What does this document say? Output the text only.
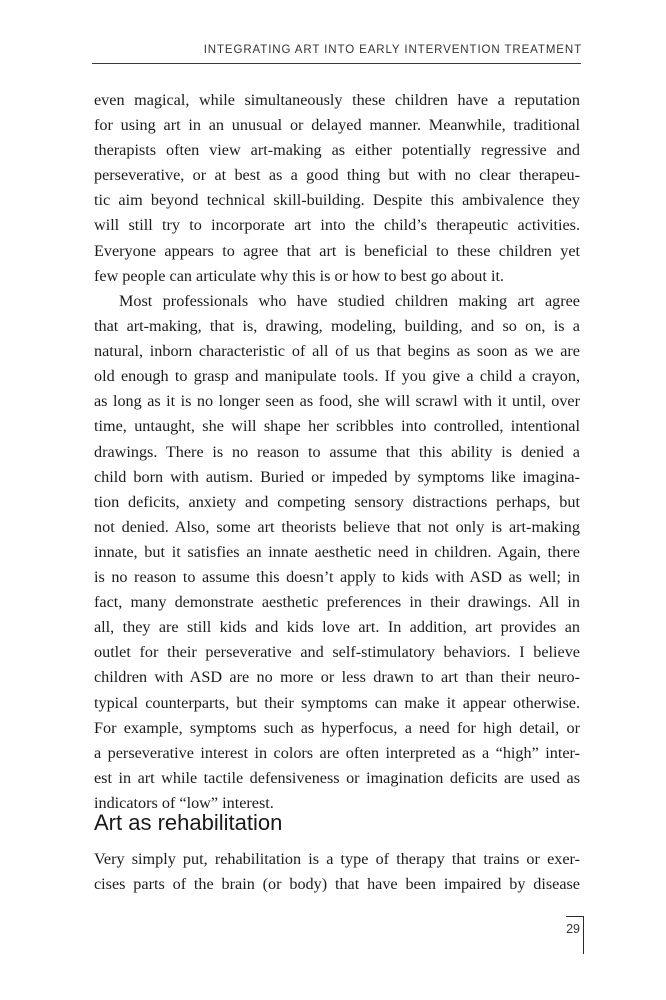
INTEGRATING ART INTO EARLY INTERVENTION TREATMENT
even magical, while simultaneously these children have a reputation
for using art in an unusual or delayed manner. Meanwhile, traditional
therapists often view art-making as either potentially regressive and
perseverative, or at best as a good thing but with no clear therapeu-
tic aim beyond technical skill-building. Despite this ambivalence they
will still try to incorporate art into the child’s therapeutic activities.
Everyone appears to agree that art is beneficial to these children yet
few people can articulate why this is or how to best go about it.
Most professionals who have studied children making art agree
that art-making, that is, drawing, modeling, building, and so on, is a
natural, inborn characteristic of all of us that begins as soon as we are
old enough to grasp and manipulate tools. If you give a child a crayon,
as long as it is no longer seen as food, she will scrawl with it until, over
time, untaught, she will shape her scribbles into controlled, intentional
drawings. There is no reason to assume that this ability is denied a
child born with autism. Buried or impeded by symptoms like imagina-
tion deficits, anxiety and competing sensory distractions perhaps, but
not denied. Also, some art theorists believe that not only is art-making
innate, but it satisfies an innate aesthetic need in children. Again, there
is no reason to assume this doesn’t apply to kids with ASD as well; in
fact, many demonstrate aesthetic preferences in their drawings. All in
all, they are still kids and kids love art. In addition, art provides an
outlet for their perseverative and self-stimulatory behaviors. I believe
children with ASD are no more or less drawn to art than their neuro-
typical counterparts, but their symptoms can make it appear otherwise.
For example, symptoms such as hyperfocus, a need for high detail, or
a perseverative interest in colors are often interpreted as a “high” inter-
est in art while tactile defensiveness or imagination deficits are used as
indicators of “low” interest.
Art as rehabilitation
Very simply put, rehabilitation is a type of therapy that trains or exer-
cises parts of the brain (or body) that have been impaired by disease
29
